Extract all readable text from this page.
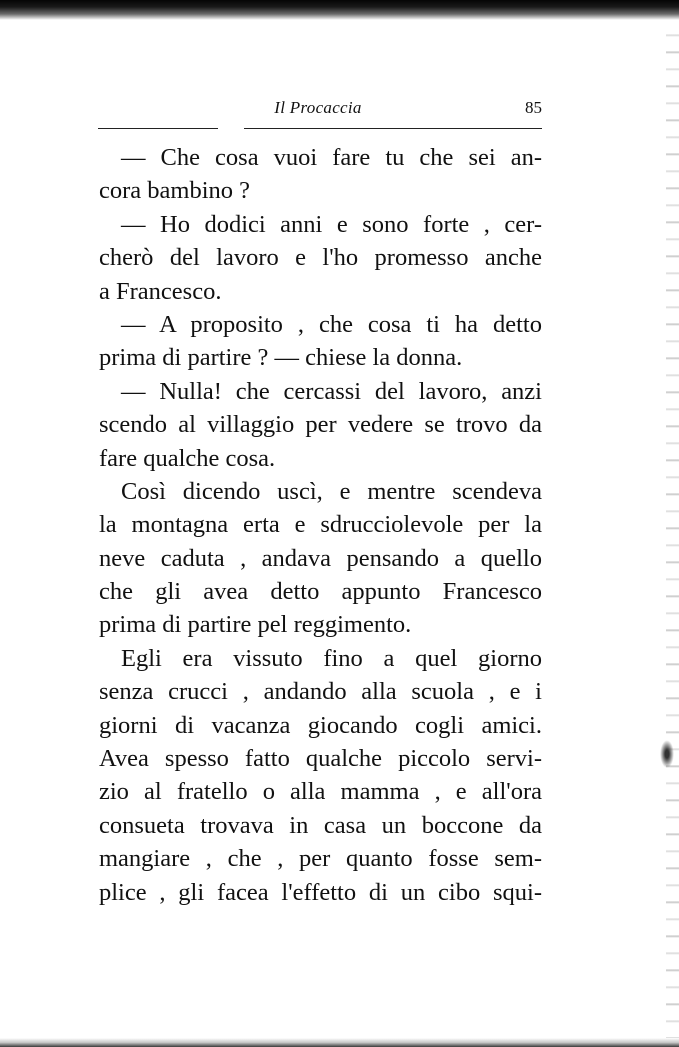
Il Procaccia	85
— Che cosa vuoi fare tu che sei an-
cora bambino ?
— Ho dodici anni e sono forte , cer-
cherò del lavoro e l'ho promesso anche
a Francesco.
— A proposito , che cosa ti ha detto
prima di partire ? — chiese la donna.
— Nulla! che cercassi del lavoro, anzi
scendo al villaggio per vedere se trovo da
fare qualche cosa.
Così dicendo uscì, e mentre scendeva
la montagna erta e sdrucciolevole per la
neve caduta , andava pensando a quello
che gli avea detto appunto Francesco
prima di partire pel reggimento.
Egli era vissuto fino a quel giorno
senza crucci , andando alla scuola , e i
giorni di vacanza giocando cogli amici.
Avea spesso fatto qualche piccolo servi-
zio al fratello o alla mamma , e all'ora
consueta trovava in casa un boccone da
mangiare , che , per quanto fosse sem-
plice , gli facea l'effetto di un cibo squi-
